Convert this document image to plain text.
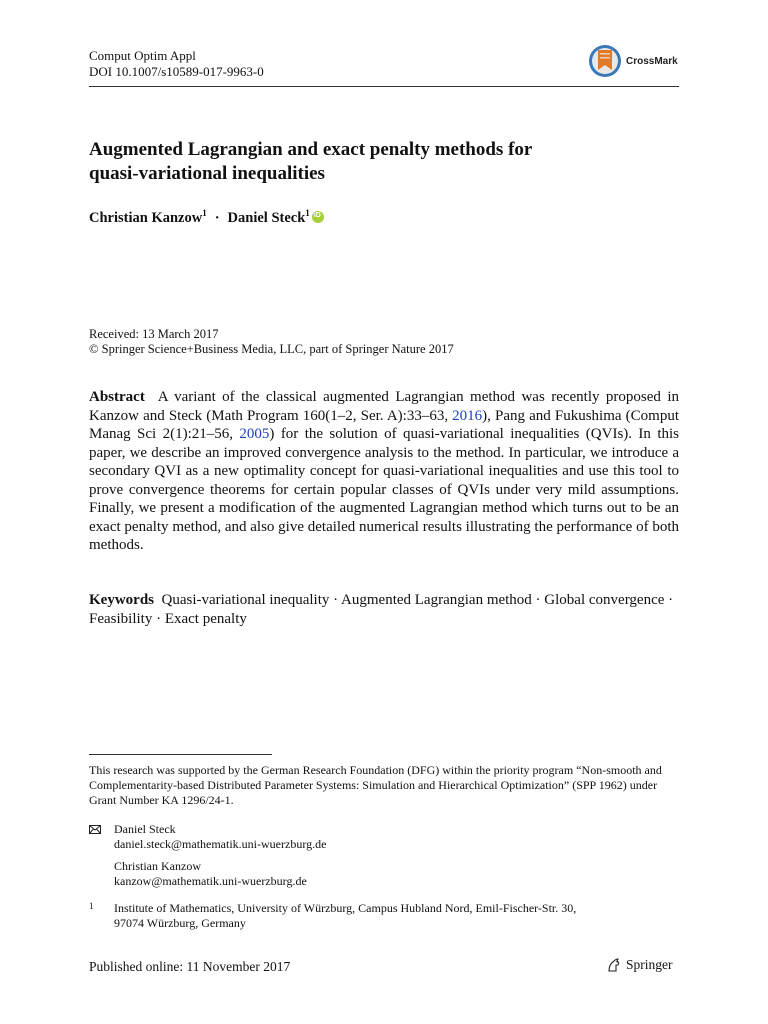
Comput Optim Appl
DOI 10.1007/s10589-017-9963-0
CrossMark
Augmented Lagrangian and exact penalty methods for
quasi-variational inequalities
Christian Kanzow$^1$ · Daniel Steck$^1$iD
Received: 13 March 2017
© Springer Science+Business Media, LLC, part of Springer Nature 2017
Abstract A variant of the classical augmented Lagrangian method was recently proposed in Kanzow and Steck (Math Program 160(1–2, Ser. A):33–63, 2016), Pang and Fukushima (Comput Manag Sci 2(1):21–56, 2005) for the solution of quasi-variational inequalities (QVIs). In this paper, we describe an improved convergence analysis to the method. In particular, we introduce a secondary QVI as a new optimality concept for quasi-variational inequalities and use this tool to prove convergence theorems for certain popular classes of QVIs under very mild assumptions. Finally, we present a modification of the augmented Lagrangian method which turns out to be an exact penalty method, and also give detailed numerical results illustrating the performance of both methods.
Keywords Quasi-variational inequality · Augmented Lagrangian method · Global convergence · Feasibility · Exact penalty
This research was supported by the German Research Foundation (DFG) within the priority program “Non-smooth and Complementarity-based Distributed Parameter Systems: Simulation and Hierarchical Optimization” (SPP 1962) under Grant Number KA 1296/24-1.
Daniel Steck
daniel.steck@mathematik.uni-wuerzburg.de
Christian Kanzow
kanzow@mathematik.uni-wuerzburg.de
1 Institute of Mathematics, University of Würzburg, Campus Hubland Nord, Emil-Fischer-Str. 30,
97074 Würzburg, Germany
Published online: 11 November 2017	Springer
